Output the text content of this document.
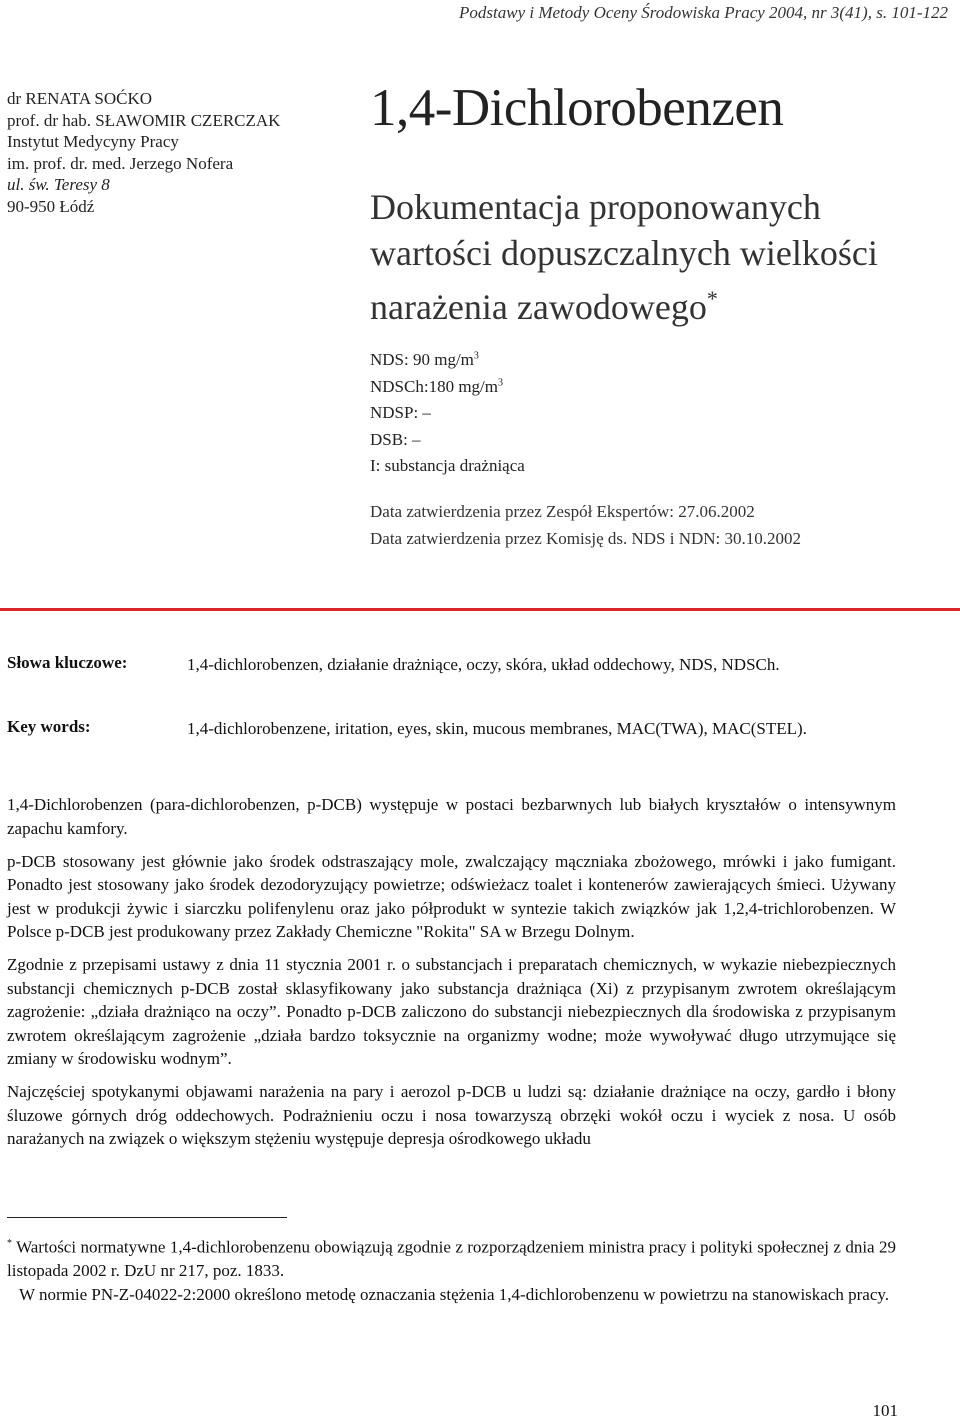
Podstawy i Metody Oceny Środowiska Pracy 2004, nr 3(41), s. 101-122
dr RENATA SOĆKO
prof. dr hab. SŁAWOMIR CZERCZAK
Instytut Medycyny Pracy
im. prof. dr. med. Jerzego Nofera
ul. św. Teresy 8
90-950 Łódź
1,4-Dichlorobenzen
Dokumentacja proponowanych
wartości dopuszczalnych wielkości
narażenia zawodowego*
NDS: 90 $mg/m^3$
NDSCh:180 $mg/m^3$
NDSP: –
DSB: –
I: substancja drażniąca
Data zatwierdzenia przez Zespół Ekspertów: 27.06.2002
Data zatwierdzenia przez Komisję ds. NDS i NDN: 30.10.2002
Słowa kluczowe:	1,4-dichlorobenzen, działanie drażniące, oczy, skóra, układ oddechowy, NDS, NDSCh.
Key words:	1,4-dichlorobenzene, iritation, eyes, skin, mucous membranes, MAC(TWA), MAC(STEL).

1,4-Dichlorobenzen (para-dichlorobenzen, p-DCB) występuje w postaci bezbarwnych lub białych kryształów o intensywnym zapachu kamfory.

p-DCB stosowany jest głównie jako środek odstraszający mole, zwalczający mączniaka zbożowego, mrówki i jako fumigant. Ponadto jest stosowany jako środek dezodoryzujący powietrze; odświeżacz toalet i kontenerów zawierających śmieci. Używany jest w produkcji żywic i siarczku polifenylenu oraz jako półprodukt w syntezie takich związków jak 1,2,4-trichlorobenzen. W Polsce p-DCB jest produkowany przez Zakłady Chemiczne "Rokita" SA w Brzegu Dolnym.

Zgodnie z przepisami ustawy z dnia 11 stycznia 2001 r. o substancjach i preparatach chemicznych, w wykazie niebezpiecznych substancji chemicznych p-DCB został sklasyfikowany jako substancja drażniąca (Xi) z przypisanym zwrotem określającym zagrożenie: „działa drażniąco na oczy”. Ponadto p-DCB zaliczono do substancji niebezpiecznych dla środowiska z przypisanym zwrotem określającym zagrożenie „działa bardzo toksycznie na organizmy wodne; może wywoływać długo utrzymujące się zmiany w środowisku wodnym”.

Najczęściej spotykanymi objawami narażenia na pary i aerozol p-DCB u ludzi są: działanie drażniące na oczy, gardło i błony śluzowe górnych dróg oddechowych. Podrażnieniu oczu i nosa towarzyszą obrzęki wokół oczu i wyciek z nosa. U osób narażanych na związek o większym stężeniu występuje depresja ośrodkowego układu

* Wartości normatywne 1,4-dichlorobenzenu obowiązują zgodnie z rozporządzeniem ministra pracy i polityki społecznej z dnia 29 listopada 2002 r. DzU nr 217, poz. 1833.

W normie PN-Z-04022-2:2000 określono metodę oznaczania stężenia 1,4-dichlorobenzenu w powietrzu na stanowiskach pracy.

101
